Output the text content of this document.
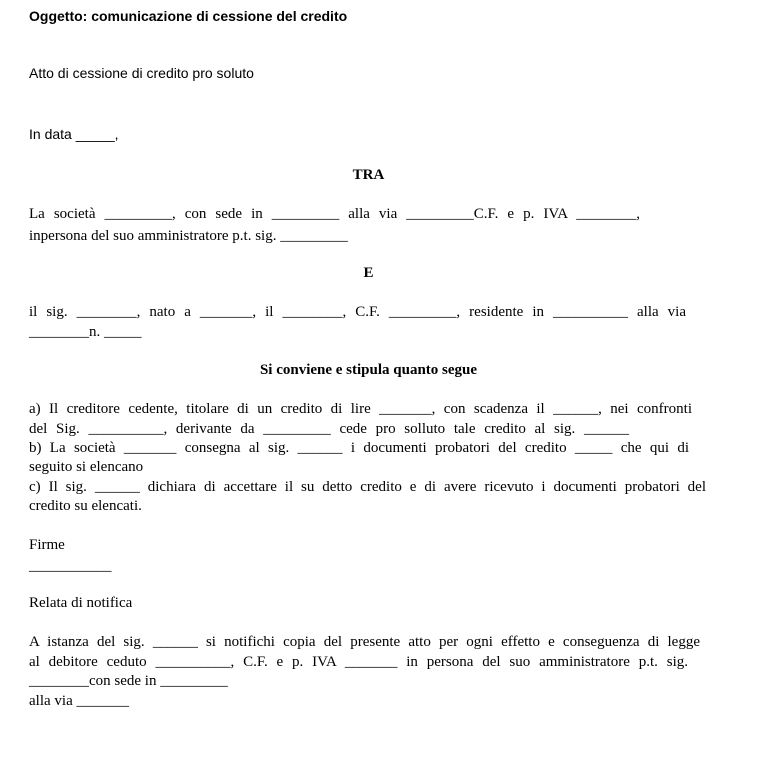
Oggetto: comunicazione di cessione del credito
Atto di cessione di credito pro soluto
In data _____,
TRA
La società _________, con sede in _________ alla via _________C.F. e p. IVA ________,
inpersona del suo amministratore p.t. sig. _________
E
il sig. ________, nato a _______, il ________, C.F. _________, residente in __________ alla via
________n. _____
Si conviene e stipula quanto segue
a) Il creditore cedente, titolare di un credito di lire _______, con scadenza il ______, nei confronti
del Sig. __________, derivante da _________ cede pro solluto tale credito al sig. ______
b) La società _______ consegna al sig. ______ i documenti probatori del credito _____ che qui di
seguito si elencano
c) Il sig. ______ dichiara di accettare il su detto credito e di avere ricevuto i documenti probatori del
credito su elencati.
Firme
___________
Relata di notifica
A istanza del sig. ______ si notifichi copia del presente atto per ogni effetto e conseguenza di legge
al debitore ceduto __________, C.F. e p. IVA _______ in persona del suo amministratore p.t. sig.
________con sede in _________
alla via _______
